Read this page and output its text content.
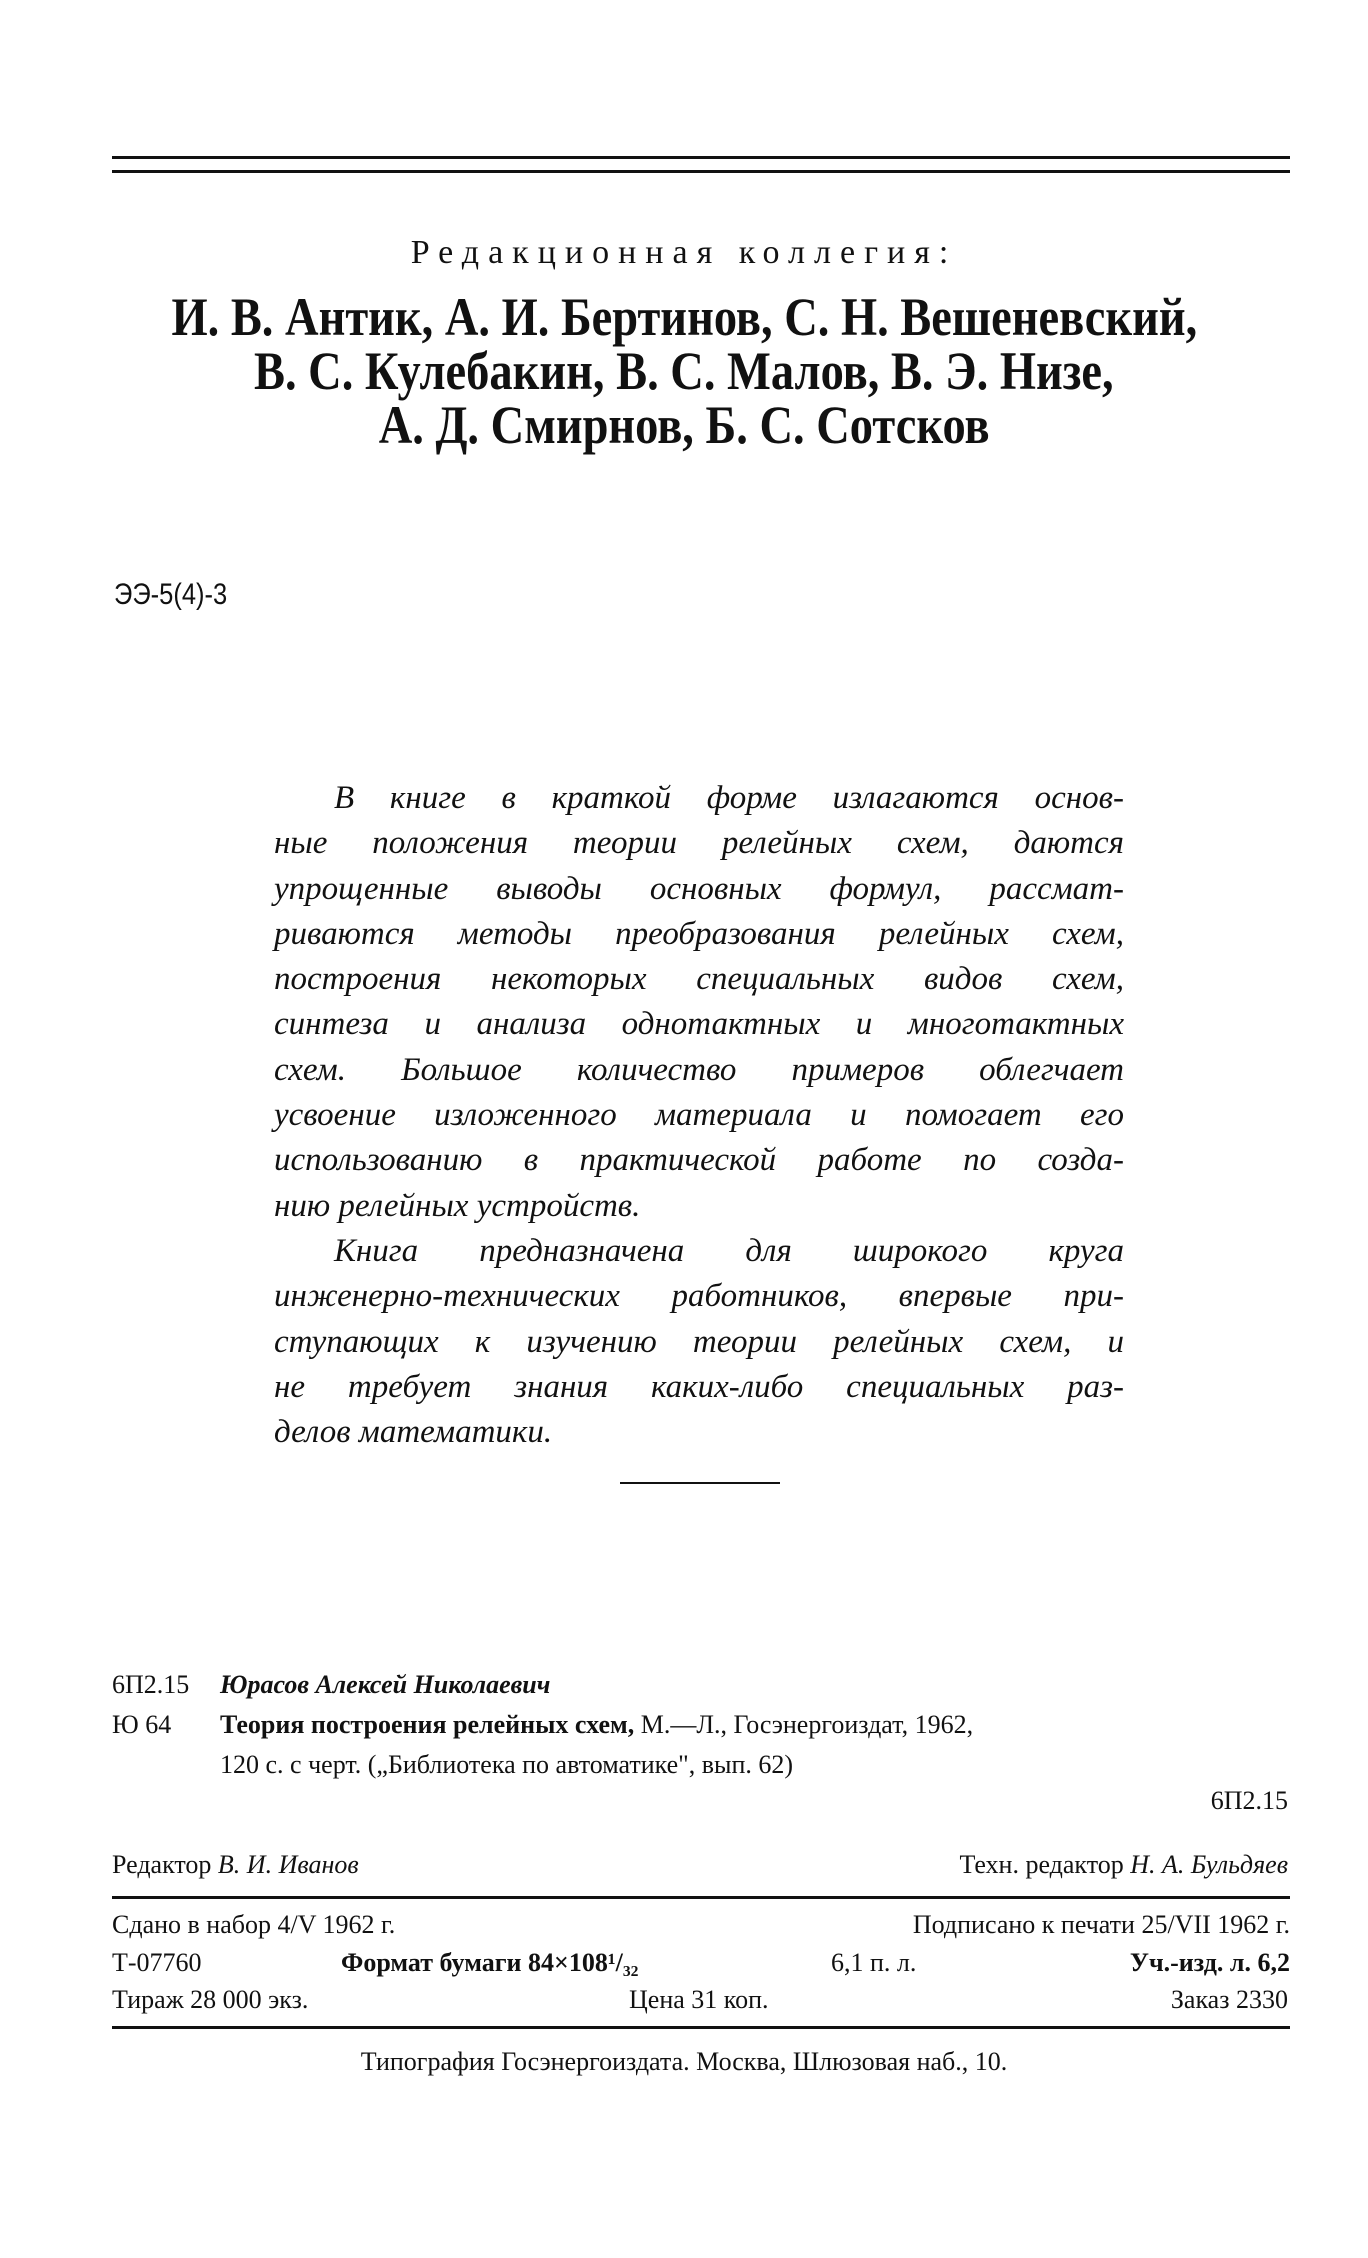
Редакционная коллегия:
И. В. Антик, А. И. Бертинов, С. Н. Вешеневский,
В. С. Кулебакин, В. С. Малов, В. Э. Низе,
А. Д. Смирнов, Б. С. Сотсков
ЭЭ-5(4)-3
В книге в краткой форме излагаются основ-
ные положения теории релейных схем, даются
упрощенные выводы основных формул, рассмат-
риваются методы преобразования релейных схем,
построения некоторых специальных видов схем,
синтеза и анализа однотактных и многотактных
схем. Большое количество примеров облегчает
усвоение изложенного материала и помогает его
использованию в практической работе по созда-
нию релейных устройств.
Книга предназначена для широкого круга
инженерно-технических работников, впервые при-
ступающих к изучению теории релейных схем, и
не требует знания каких-либо специальных раз-
делов математики.
6П2.15 Юрасов Алексей Николаевич
Ю 64 Теория построения релейных схем, М.—Л., Госэнергоиздат, 1962,
120 с. с черт. („Библиотека по автоматике", вып. 62)
6П2.15
Редактор В. И. Иванов	Техн. редактор Н. А. Бульдяев
Сдано в набор 4/V 1962 г.	Подписано к печати 25/VII 1962 г.
Т-07760	Формат бумаги 84×108¹/₃₂	6,1 п. л.	Уч.-изд. л. 6,2
Тираж 28 000 экз.	Цена 31 коп.	Заказ 2330
Типография Госэнергоиздата. Москва, Шлюзовая наб., 10.
